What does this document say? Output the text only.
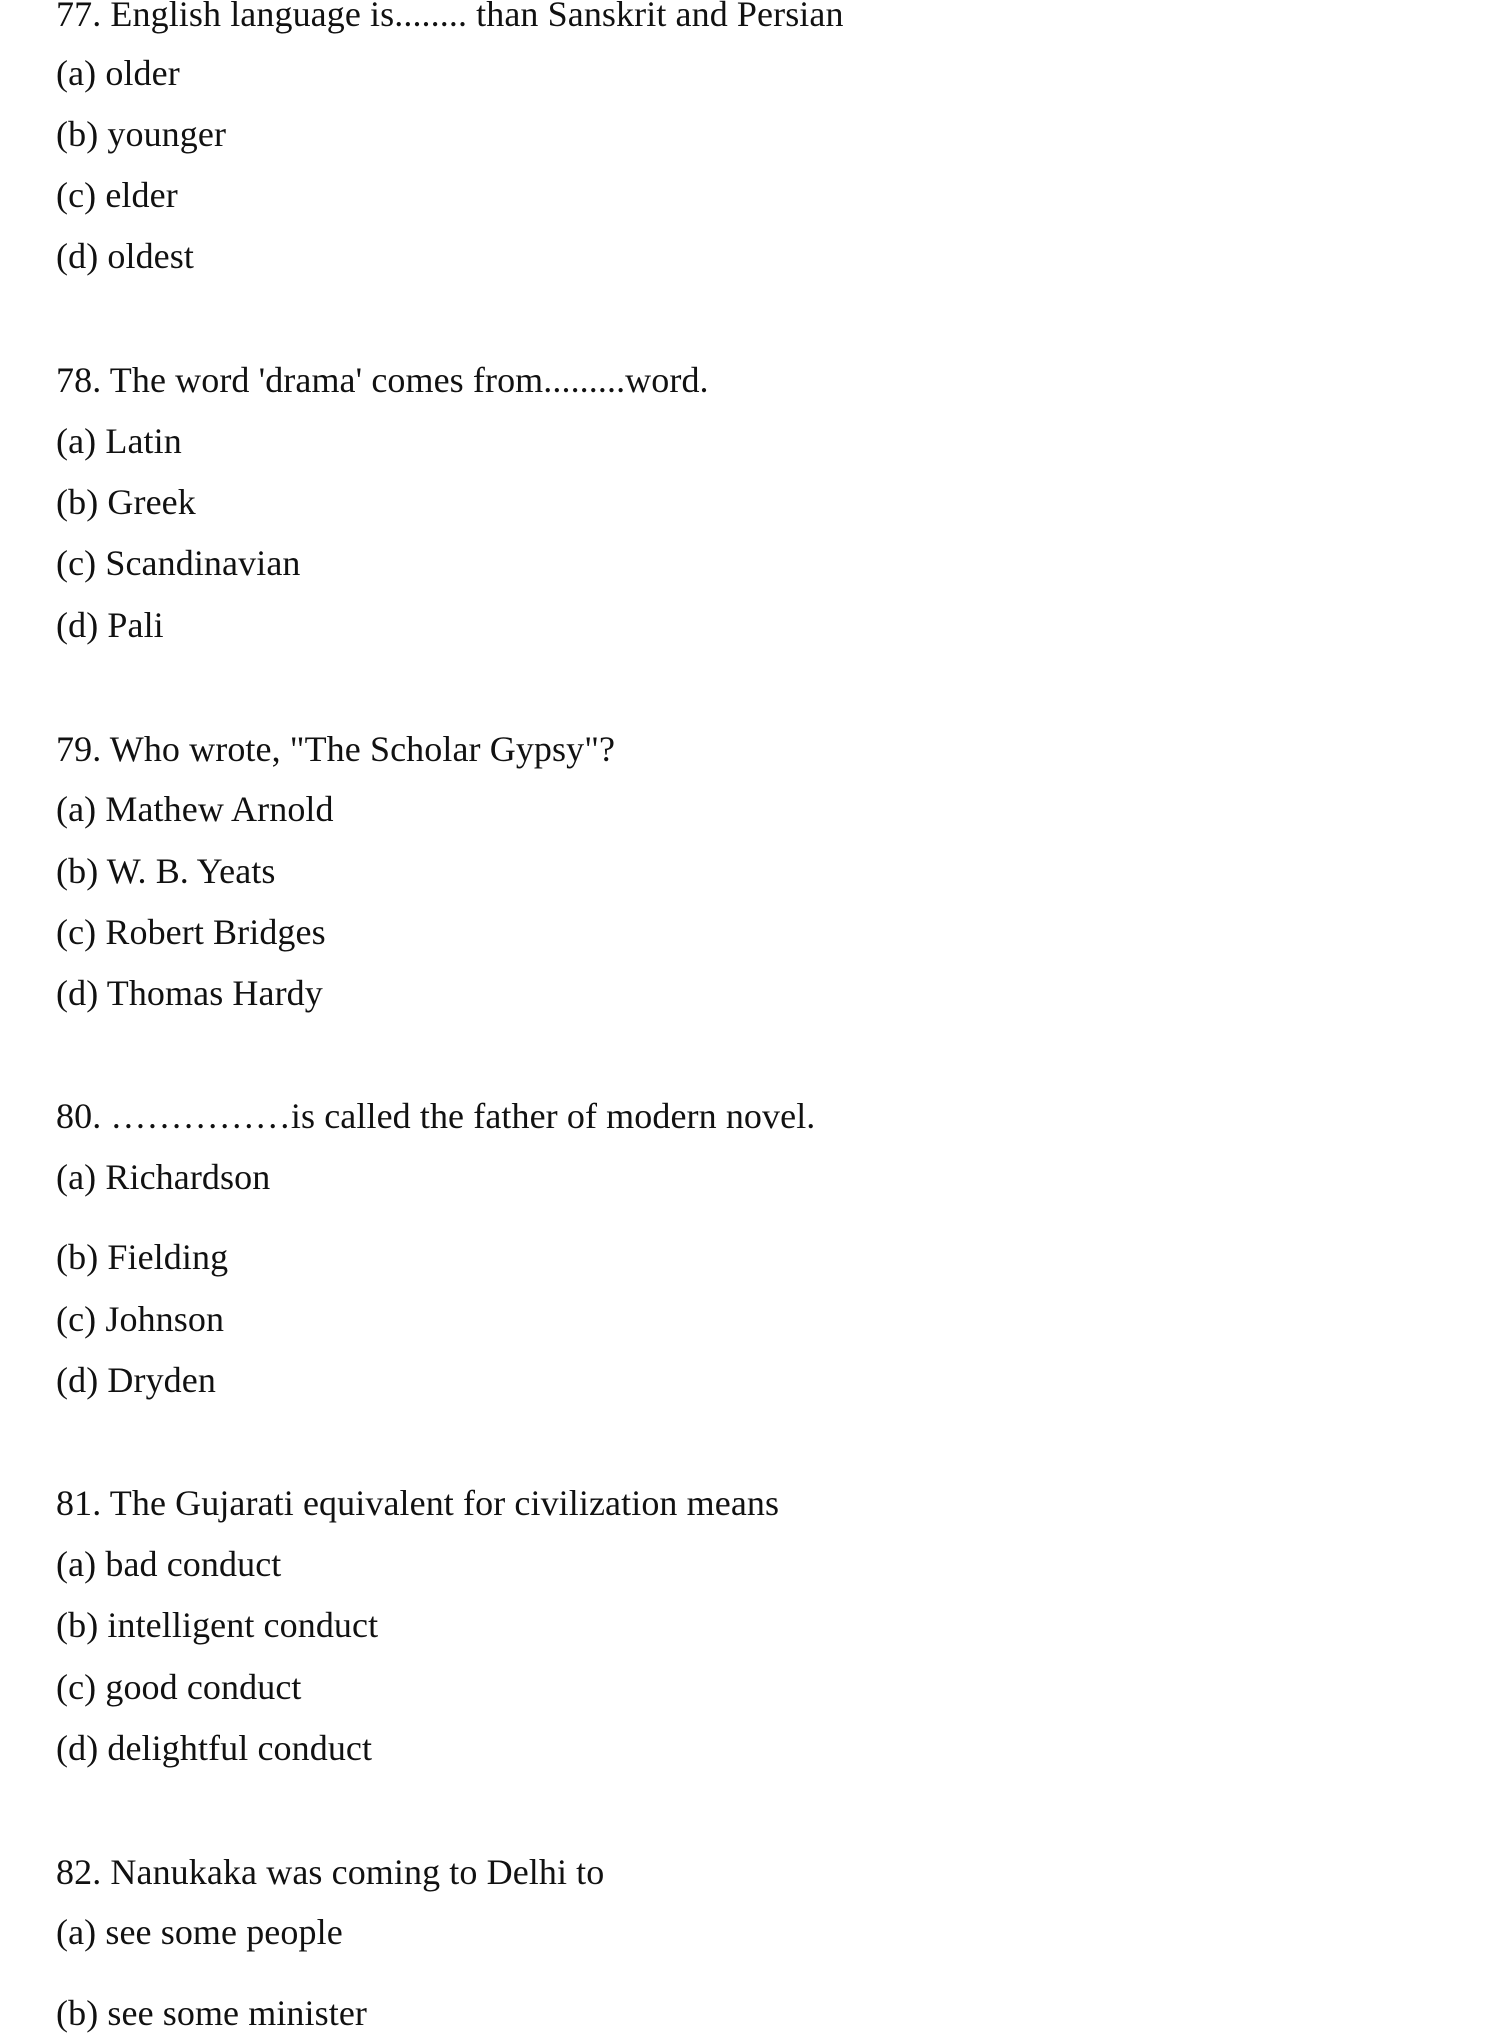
77. English language is........ than Sanskrit and Persian
(a) older
(b) younger
(c) elder
(d) oldest
78. The word 'drama' comes from.........word.
(a) Latin
(b) Greek
(c) Scandinavian
(d) Pali
79. Who wrote, "The Scholar Gypsy"?
(a) Mathew Arnold
(b) W. B. Yeats
(c) Robert Bridges
(d) Thomas Hardy
80. ……………is called the father of modern novel.
(a) Richardson
(b) Fielding
(c) Johnson
(d) Dryden
81. The Gujarati equivalent for civilization means
(a) bad conduct
(b) intelligent conduct
(c) good conduct
(d) delightful conduct
82. Nanukaka was coming to Delhi to
(a) see some people
(b) see some minister
